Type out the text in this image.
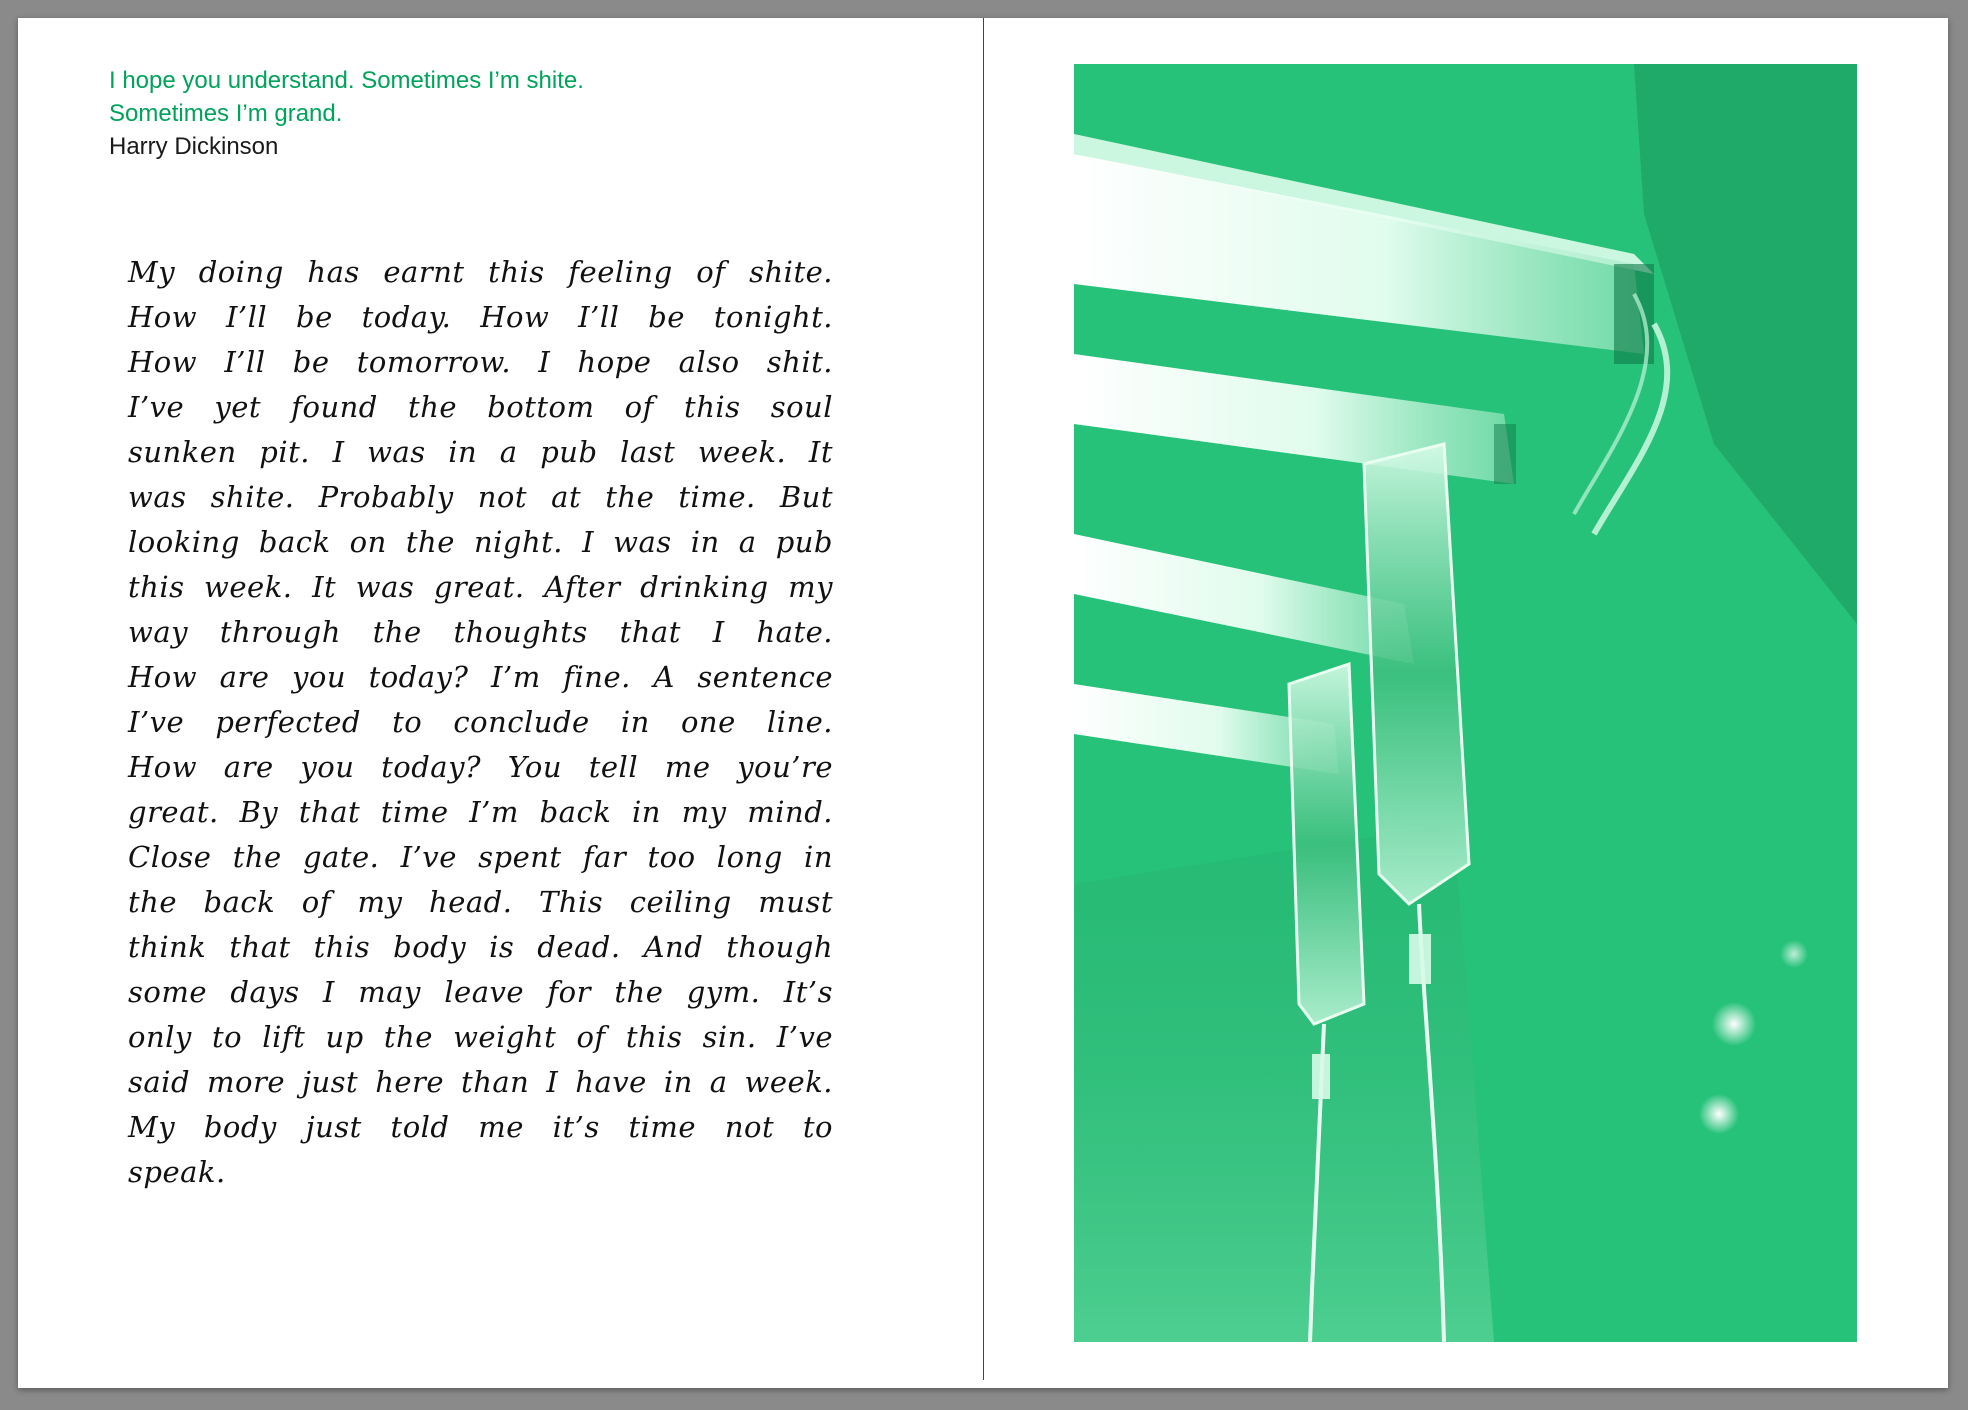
I hope you understand. Sometimes I’m shite.
Sometimes I’m grand.
Harry Dickinson
My doing has earnt this feeling of shite.
How I’ll be today. How I’ll be tonight.
How I’ll be tomorrow. I hope also shit.
I’ve yet found the bottom of this soul
sunken pit. I was in a pub last week. It
was shite. Probably not at the time. But
looking back on the night. I was in a pub
this week. It was great. After drinking my
way through the thoughts that I hate.
How are you today? I’m fine. A sentence
I’ve perfected to conclude in one line.
How are you today? You tell me you’re
great. By that time I’m back in my mind.
Close the gate. I’ve spent far too long in
the back of my head. This ceiling must
think that this body is dead. And though
some days I may leave for the gym. It’s
only to lift up the weight of this sin. I’ve
said more just here than I have in a week.
My body just told me it’s time not to
speak.
